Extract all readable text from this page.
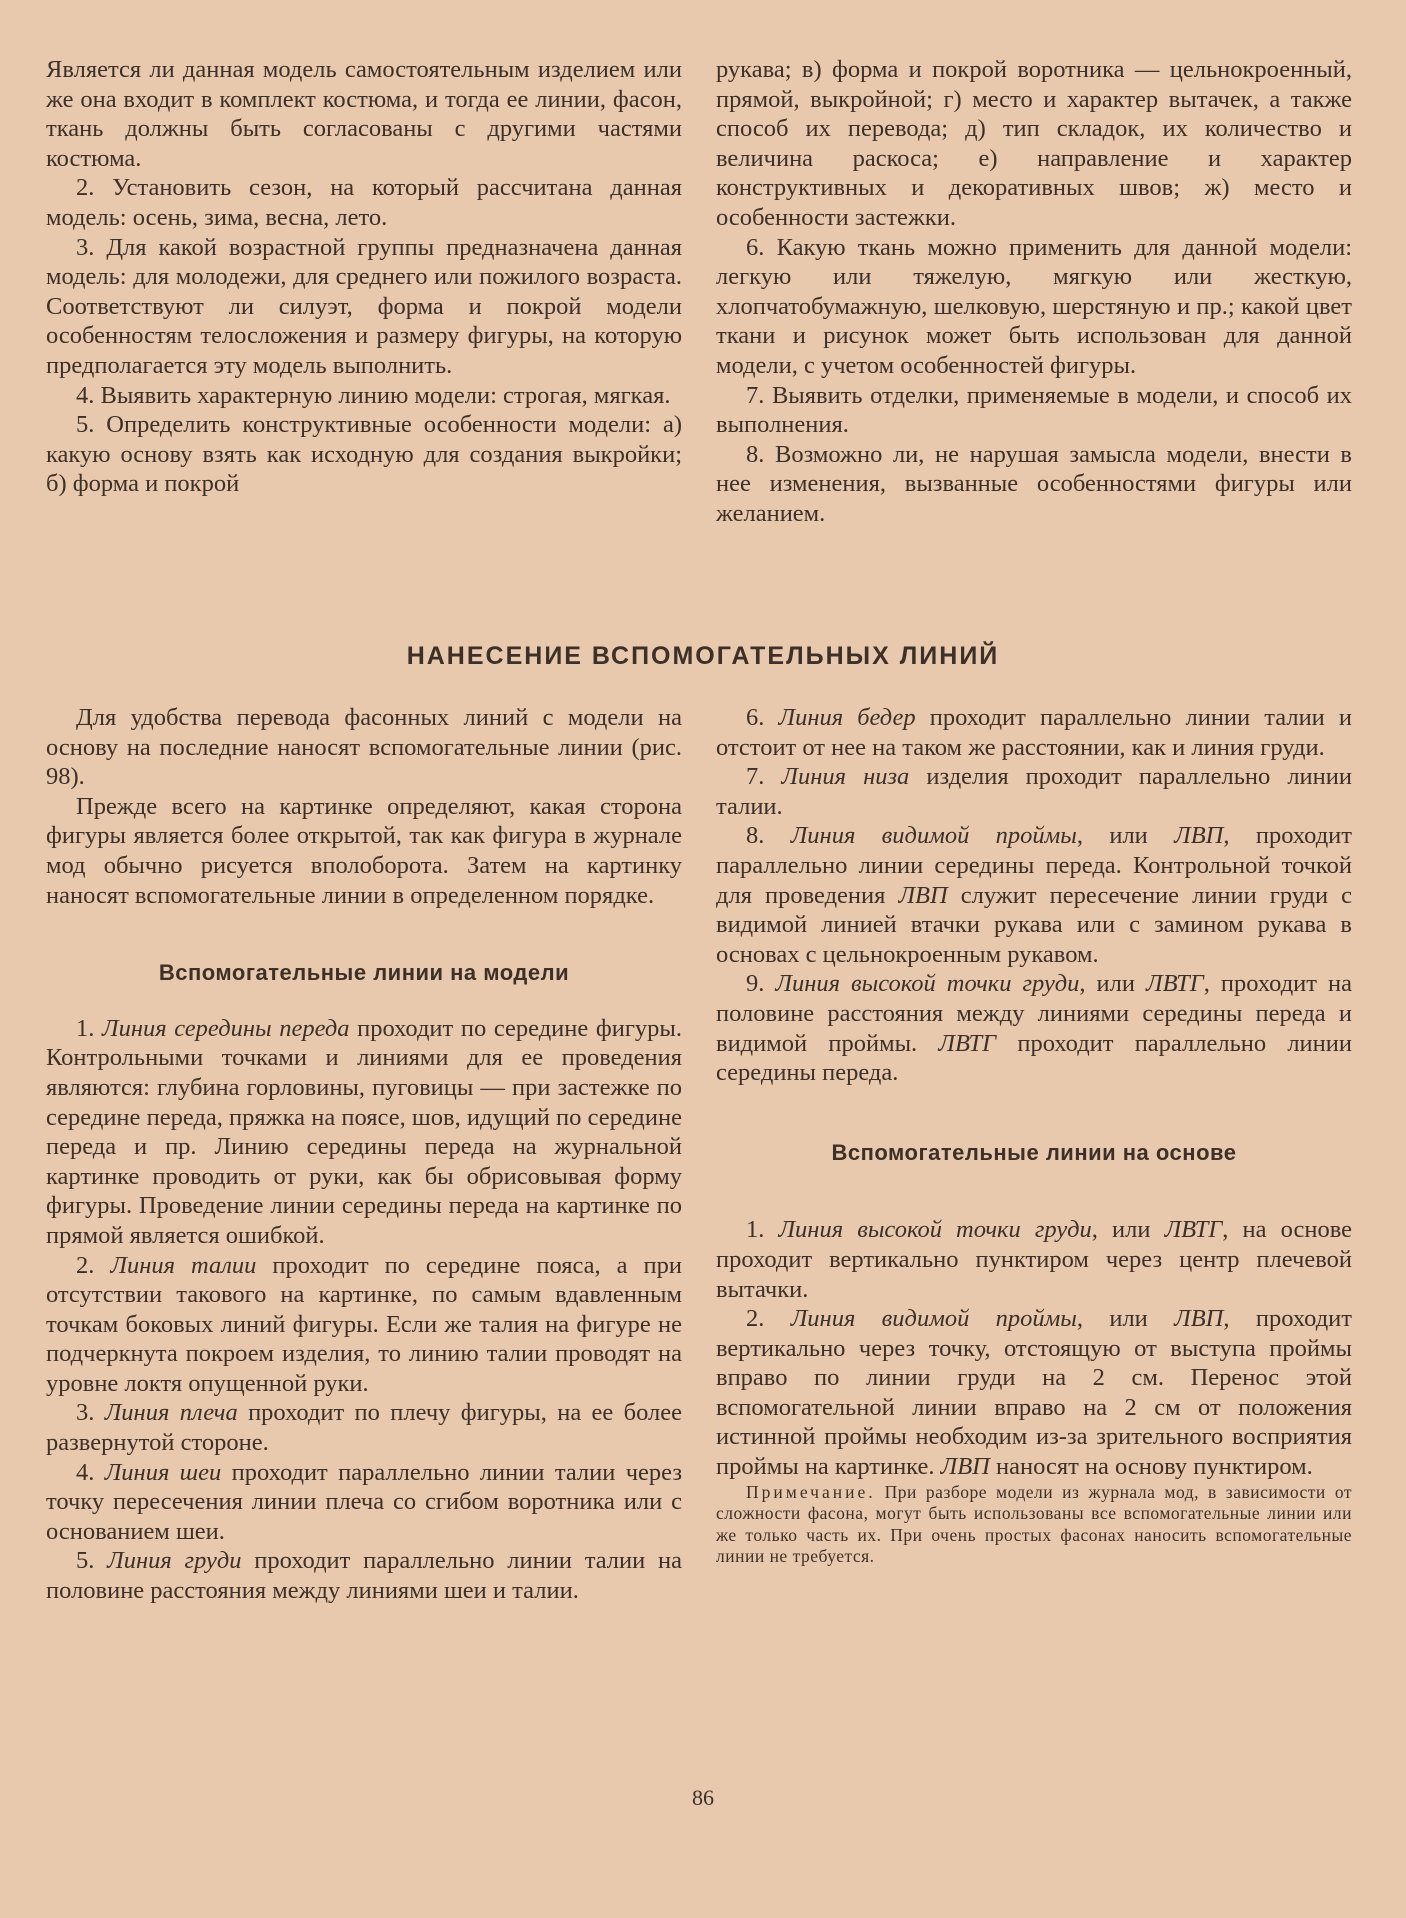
Является ли данная модель самостоятельным изделием или же она входит в комплект костюма, и тогда ее линии, фасон, ткань должны быть согласованы с другими частями костюма.

2. Установить сезон, на который рассчитана данная модель: осень, зима, весна, лето.

3. Для какой возрастной группы предназначена данная модель: для молодежи, для среднего или пожилого возраста. Соответствуют ли силуэт, форма и покрой модели особенностям телосложения и размеру фигуры, на которую предполагается эту модель выполнить.

4. Выявить характерную линию модели: строгая, мягкая.

5. Определить конструктивные особенности модели: а) какую основу взять как исходную для создания выкройки; б) форма и покрой

рукава; в) форма и покрой воротника — цельнокроенный, прямой, выкройной; г) место и характер вытачек, а также способ их перевода; д) тип складок, их количество и величина раскоса; е) направление и характер конструктивных и декоративных швов; ж) место и особенности застежки.

6. Какую ткань можно применить для данной модели: легкую или тяжелую, мягкую или жесткую, хлопчатобумажную, шелковую, шерстяную и пр.; какой цвет ткани и рисунок может быть использован для данной модели, с учетом особенностей фигуры.

7. Выявить отделки, применяемые в модели, и способ их выполнения.

8. Возможно ли, не нарушая замысла модели, внести в нее изменения, вызванные особенностями фигуры или желанием.

НАНЕСЕНИЕ ВСПОМОГАТЕЛЬНЫХ ЛИНИЙ

Для удобства перевода фасонных линий с модели на основу на последние наносят вспомогательные линии (рис. 98).

Прежде всего на картинке определяют, какая сторона фигуры является более открытой, так как фигура в журнале мод обычно рисуется вполоборота. Затем на картинку наносят вспомогательные линии в определенном порядке.

Вспомогательные линии на модели

1. Линия середины переда проходит по середине фигуры. Контрольными точками и линиями для ее проведения являются: глубина горловины, пуговицы — при застежке по середине переда, пряжка на поясе, шов, идущий по середине переда и пр. Линию середины переда на журнальной картинке проводить от руки, как бы обрисовывая форму фигуры. Проведение линии середины переда на картинке по прямой является ошибкой.

2. Линия талии проходит по середине пояса, а при отсутствии такового на картинке, по самым вдавленным точкам боковых линий фигуры. Если же талия на фигуре не подчеркнута покроем изделия, то линию талии проводят на уровне локтя опущенной руки.

3. Линия плеча проходит по плечу фигуры, на ее более развернутой стороне.

4. Линия шеи проходит параллельно линии талии через точку пересечения линии плеча со сгибом воротника или с основанием шеи.

5. Линия груди проходит параллельно линии талии на половине расстояния между линиями шеи и талии.

6. Линия бедер проходит параллельно линии талии и отстоит от нее на таком же расстоянии, как и линия груди.

7. Линия низа изделия проходит параллельно линии талии.

8. Линия видимой проймы, или ЛВП, проходит параллельно линии середины переда. Контрольной точкой для проведения ЛВП служит пересечение линии груди с видимой линией втачки рукава или с замином рукава в основах с цельнокроенным рукавом.

9. Линия высокой точки груди, или ЛВТГ, проходит на половине расстояния между линиями середины переда и видимой проймы. ЛВТГ проходит параллельно линии середины переда.

Вспомогательные линии на основе

1. Линия высокой точки груди, или ЛВТГ, на основе проходит вертикально пунктиром через центр плечевой вытачки.

2. Линия видимой проймы, или ЛВП, проходит вертикально через точку, отстоящую от выступа проймы вправо по линии груди на 2 см. Перенос этой вспомогательной линии вправо на 2 см от положения истинной проймы необходим из-за зрительного восприятия проймы на картинке. ЛВП наносят на основу пунктиром.

Примечание. При разборе модели из журнала мод, в зависимости от сложности фасона, могут быть использованы все вспомогательные линии или же только часть их. При очень простых фасонах наносить вспомогательные линии не требуется.

86
